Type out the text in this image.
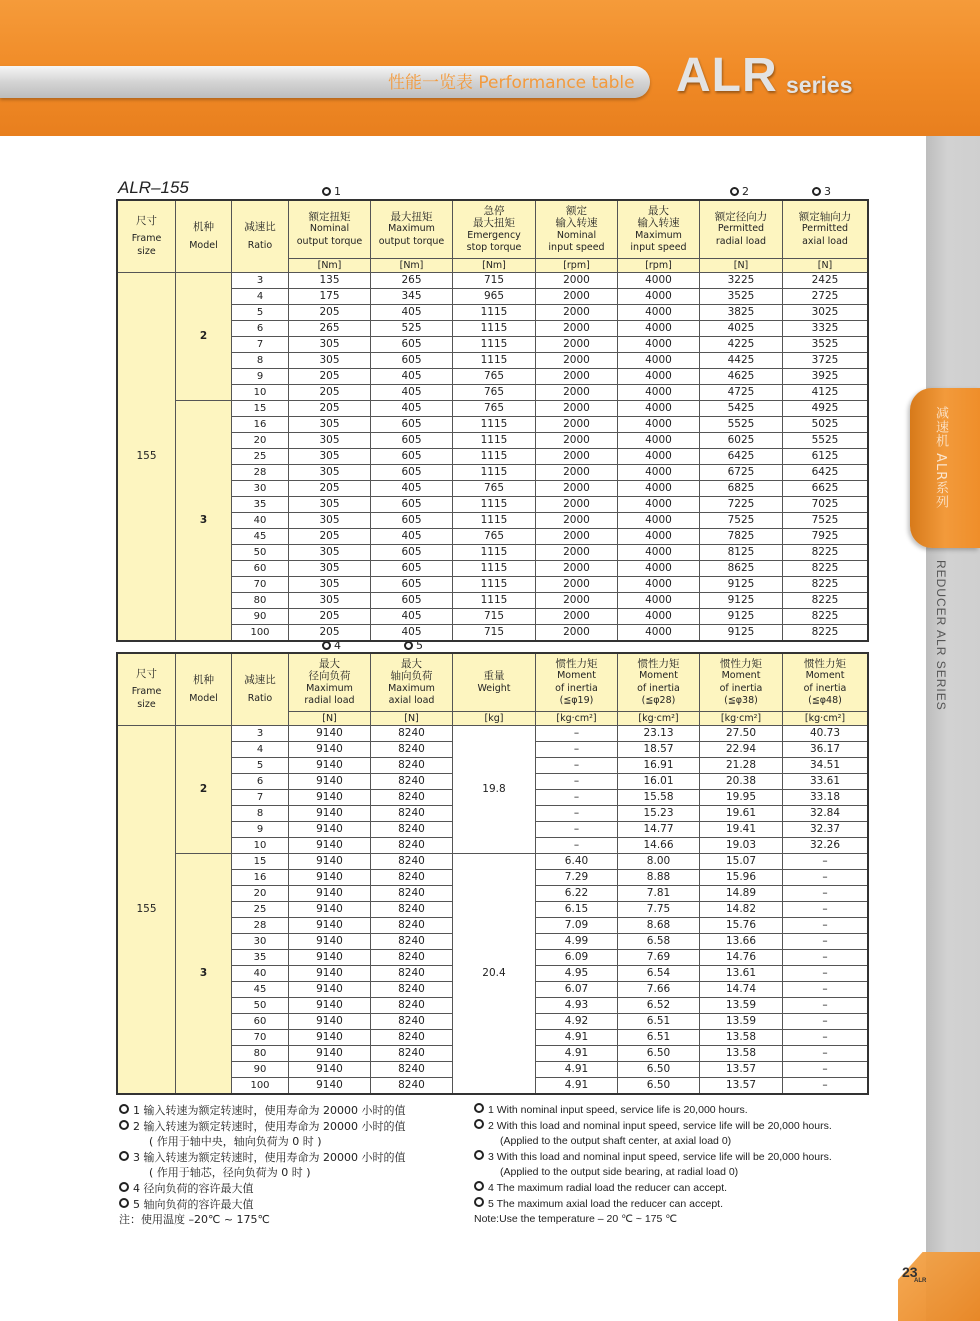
性能一览表 Performance table ALR series
减速机 ALR系列
REDUCER ALR SERIES
ALR–155	1	2	3
4	5
尺寸
Frame
size	机种
Model	减速比
Ratio	额定扭矩
Nominal
output torque	最大扭矩
Maximum
output torque	急停
最大扭矩
Emergency
stop torque	额定
输入转速
Nominal
input speed	最大
输入转速
Maximum
input speed	额定径向力
Permitted
radial load	额定轴向力
Permitted
axial load

			[Nm]	[Nm]	[Nm]	[rpm]	[rpm]	[N]	[N]
155	2	3	135	265	715	2000	4000	3225	2425
		4	175	345	965	2000	4000	3525	2725
		5	205	405	1115	2000	4000	3825	3025
		6	265	525	1115	2000	4000	4025	3325
		7	305	605	1115	2000	4000	4225	3525
		8	305	605	1115	2000	4000	4425	3725
		9	205	405	765	2000	4000	4625	3925
		10	205	405	765	2000	4000	4725	4125
	3	15	205	405	765	2000	4000	5425	4925
		16	305	605	1115	2000	4000	5525	5025
		20	305	605	1115	2000	4000	6025	5525
		25	305	605	1115	2000	4000	6425	6125
		28	305	605	1115	2000	4000	6725	6425
		30	205	405	765	2000	4000	6825	6625
		35	305	605	1115	2000	4000	7225	7025
		40	305	605	1115	2000	4000	7525	7525
		45	205	405	765	2000	4000	7825	7925
		50	305	605	1115	2000	4000	8125	8225
		60	305	605	1115	2000	4000	8625	8225
		70	305	605	1115	2000	4000	9125	8225
		80	305	605	1115	2000	4000	9125	8225
		90	205	405	715	2000	4000	9125	8225
		100	205	405	715	2000	4000	9125	8225
尺寸
Frame
size	机种
Model	减速比
Ratio	最大
径向负荷
Maximum
radial load	最大
轴向负荷
Maximum
axial load	重量
Weight	惯性力矩
Moment
of inertia
(≦φ19)	惯性力矩
Moment
of inertia
(≦φ28)	惯性力矩
Moment
of inertia
(≦φ38)	惯性力矩
Moment
of inertia
(≦φ48)

			[N]	[N]	[kg]	[kg·cm²]	[kg·cm²]	[kg·cm²]	[kg·cm²]
155	2	3	9140	8240	19.8	–	23.13	27.50	40.73
		4	9140	8240		–	18.57	22.94	36.17
		5	9140	8240		–	16.91	21.28	34.51
		6	9140	8240		–	16.01	20.38	33.61
		7	9140	8240		–	15.58	19.95	33.18
		8	9140	8240		–	15.23	19.61	32.84
		9	9140	8240		–	14.77	19.41	32.37
		10	9140	8240		–	14.66	19.03	32.26
	3	15	9140	8240	20.4	6.40	8.00	15.07	–
		16	9140	8240		7.29	8.88	15.96	–
		20	9140	8240		6.22	7.81	14.89	–
		25	9140	8240		6.15	7.75	14.82	–
		28	9140	8240		7.09	8.68	15.76	–
		30	9140	8240		4.99	6.58	13.66	–
		35	9140	8240		6.09	7.69	14.76	–
		40	9140	8240		4.95	6.54	13.61	–
		45	9140	8240		6.07	7.66	14.74	–
		50	9140	8240		4.93	6.52	13.59	–
		60	9140	8240		4.92	6.51	13.59	–
		70	9140	8240		4.91	6.51	13.58	–
		80	9140	8240		4.91	6.50	13.58	–
		90	9140	8240		4.91	6.50	13.57	–
		100	9140	8240		4.91	6.50	13.57	–
1 输入转速为额定转速时，使用寿命为 20000 小时的值
2 输入转速为额定转速时，使用寿命为 20000 小时的值
( 作用于轴中央，轴向负荷为 0 时 )
3 输入转速为额定转速时，使用寿命为 20000 小时的值
( 作用于轴芯，径向负荷为 0 时 )
4 径向负荷的容许最大值
5 轴向负荷的容许最大值
注：使用温度 –20℃ ~ 175℃
1 With nominal input speed, service life is 20,000 hours.
2 With this load and nominal input speed, service life will be 20,000 hours.
(Applied to the output shaft center, at axial load 0)
3 With this load and nominal input speed, service life will be 20,000 hours.
(Applied to the output side bearing, at radial load 0)
4 The maximum radial load the reducer can accept.
5 The maximum axial load the reducer can accept.
Note:Use the temperature – 20 ℃ ~ 175 ℃
23
ALR
